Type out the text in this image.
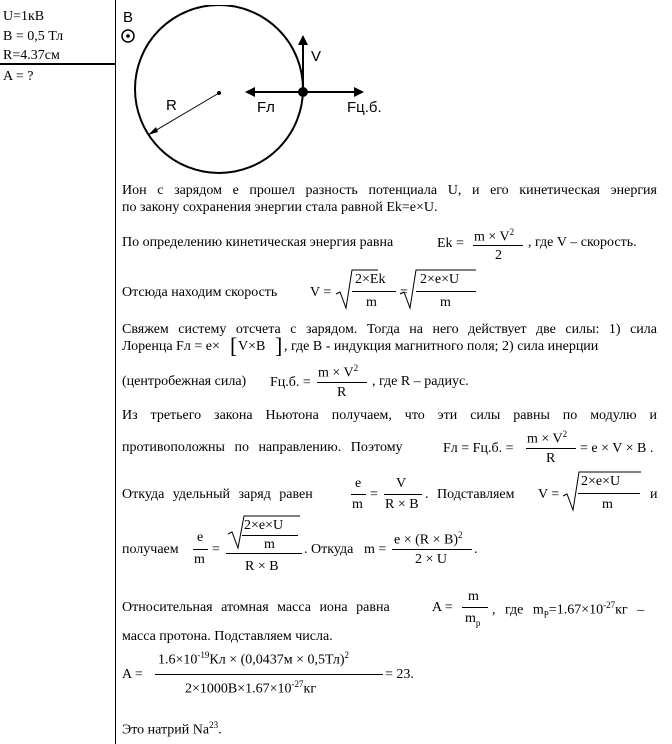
U=1кВ
B = 0,5 Тл
R=4.37см
A = ?
B
V
R	Fл	Fц.б.
Ион с зарядом е прошел разность потенциала U, и его кинетическая энергия
по закону сохранения энергии стала равной Ek=e×U.
По определению кинетическая энергия равна	$Ek = m \times V^2$
2
, где V – скорость.
Отсюда находим скорость V =
2×Ek
m
=
2×e×U
m
Свяжем систему отсчета с зарядом. Тогда на него действует две силы: 1) сила
Лоренца Fл = e× [ V×B ] , где B - индукция магнитного поля; 2) сила инерции
(центробежная сила) Fц.б. =
$m \times V^2$
R
, где R – радиус.
Из третьего закона Ньютона получаем, что эти силы равны по модулю и
противоположны по направлению. Поэтому	Fл = Fц.б. =
$m \times V^2$
R
= e × V × B .
Откуда удельный заряд равен
e
m
=
V
R × B
. Подставляем V =
2×e×U
m
и
получаем
e
m
=
2×e×U
m
R × B
. Откуда m =
$e \times (R \times B)^2$
2 × U
.
Относительная атомная масса иона равна	A =
m
$m_p$
, где $m_P=1.67\times 10^{-27}кг$ –
масса протона. Подставляем числа.
A =
$1.6\times 10^{-19}Кл \times (0,0437м \times 0,5Тл)^2$
$2\times 1000В\times 1.67\times 10^{-27}кг$
= 23.
Это натрий Na$^{23}$.
